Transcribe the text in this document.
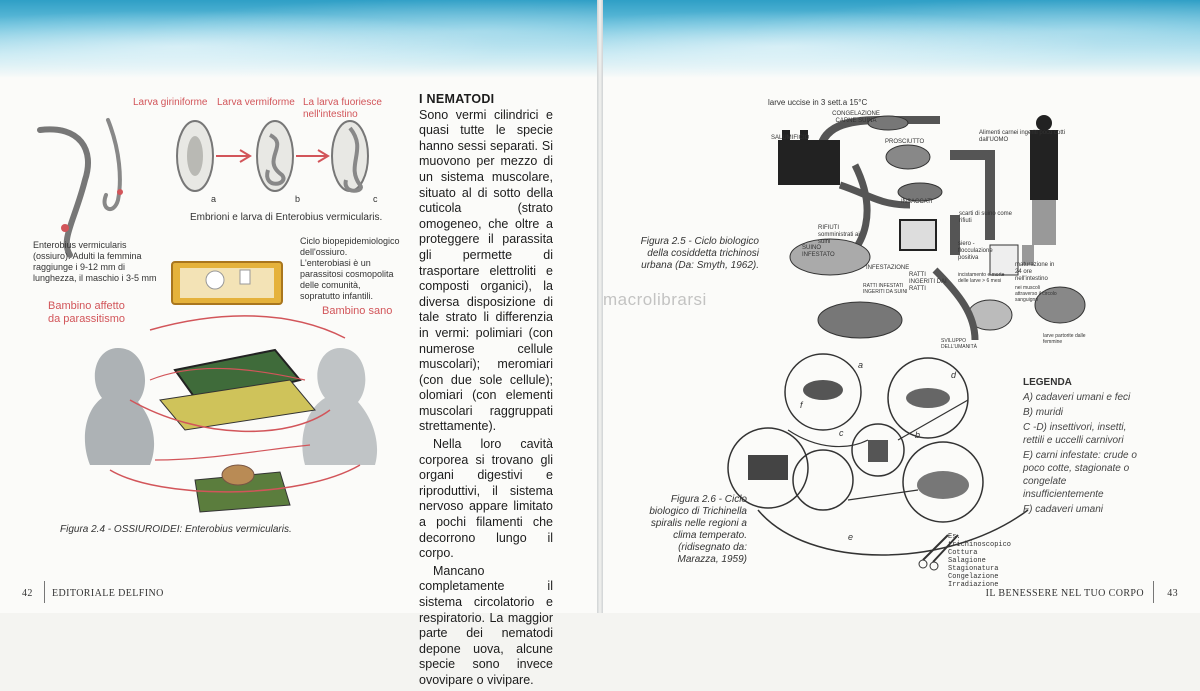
Larva giriniforme Larva vermiforme La larva fuoriesce nell'intestino
a	b	c
Embrioni e larva di Enterobius vermicularis.
Enterobius vermicularis (ossiuro). Adulti la femmina raggiunge i 9-12 mm di lunghezza, il maschio i 3-5 mm
Ciclo biopepidemiologico dell'ossiuro. L'enterobiasi è un parassitosi cosmopolita delle comunità, sopratutto infantili.
Bambino affetto da parassitismo
Bambino sano
Figura 2.4 - OSSIUROIDEI: Enterobius vermicularis.
I NEMATODI

Sono vermi cilindrici e quasi tutte le specie hanno sessi separati. Si muovono per mezzo di un sistema muscolare, situato al di sotto della cuticola (strato omogeneo, che oltre a proteggere il parassita gli permette di trasportare elettroliti e composti organici), la diversa disposizione di tale strato li differenzia in vermi: polimiari (con numerose cellule muscolari); meromiari (con due sole cellule); olomiari (con elementi muscolari raggruppati strettamente).

Nella loro cavità corporea si trovano gli organi digestivi e riproduttivi, il sistema nervoso appare limitato a pochi filamenti che decorrono lungo il corpo.

Mancano completamente il sistema circolatorio e respiratorio. La maggior parte dei nematodi depone uova, alcune specie sono invece ovovipare o vivipare.

42 EDITORIALE DELFINO
larve uccise in 3 sett.a 15°C
CONGELAZIONE CARNE SUINA
SALUMIFICIO
PROSCIUTTO
Alimenti carnei ingeriti poco cotti dall'UOMO
INSACCATI
scarti di suino come rifiuti
RIFIUTI somministrati ai suini
SUINO INFESTATO
siero - flocculazione positiva
maturazione in 24 ore nell'intestino
INFESTAZIONE
RATTI INGERITI DAI RATTI
RATTI INFESTATI INGERITI DA SUINI
incistamento e morte delle larve > 6 mesi
nei muscoli attraverso il circolo sanguigno
SVILUPPO DELL'UMANITÀ
larve partorite dalle femmine
Figura 2.5 - Ciclo biologico della cosiddetta trichinosi urbana (Da: Smyth, 1962).
macrolibrarsi
a
b
c
d
e
f
Es. trichinoscopico Cottura Salagione Stagionatura Congelazione Irradiazione
Figura 2.6 - Ciclo biologico di Trichinella spiralis nelle regioni a clima temperato. (ridisegnato da: Marazza, 1959)
LEGENDA
A) cadaveri umani e feci
B) muridi
C -D) insettivori, insetti, rettili e uccelli carnivori
E) carni infestate: crude o poco cotte, stagionate o congelate insufficientemente
F) cadaveri umani
IL BENESSERE NEL TUO CORPO 43
